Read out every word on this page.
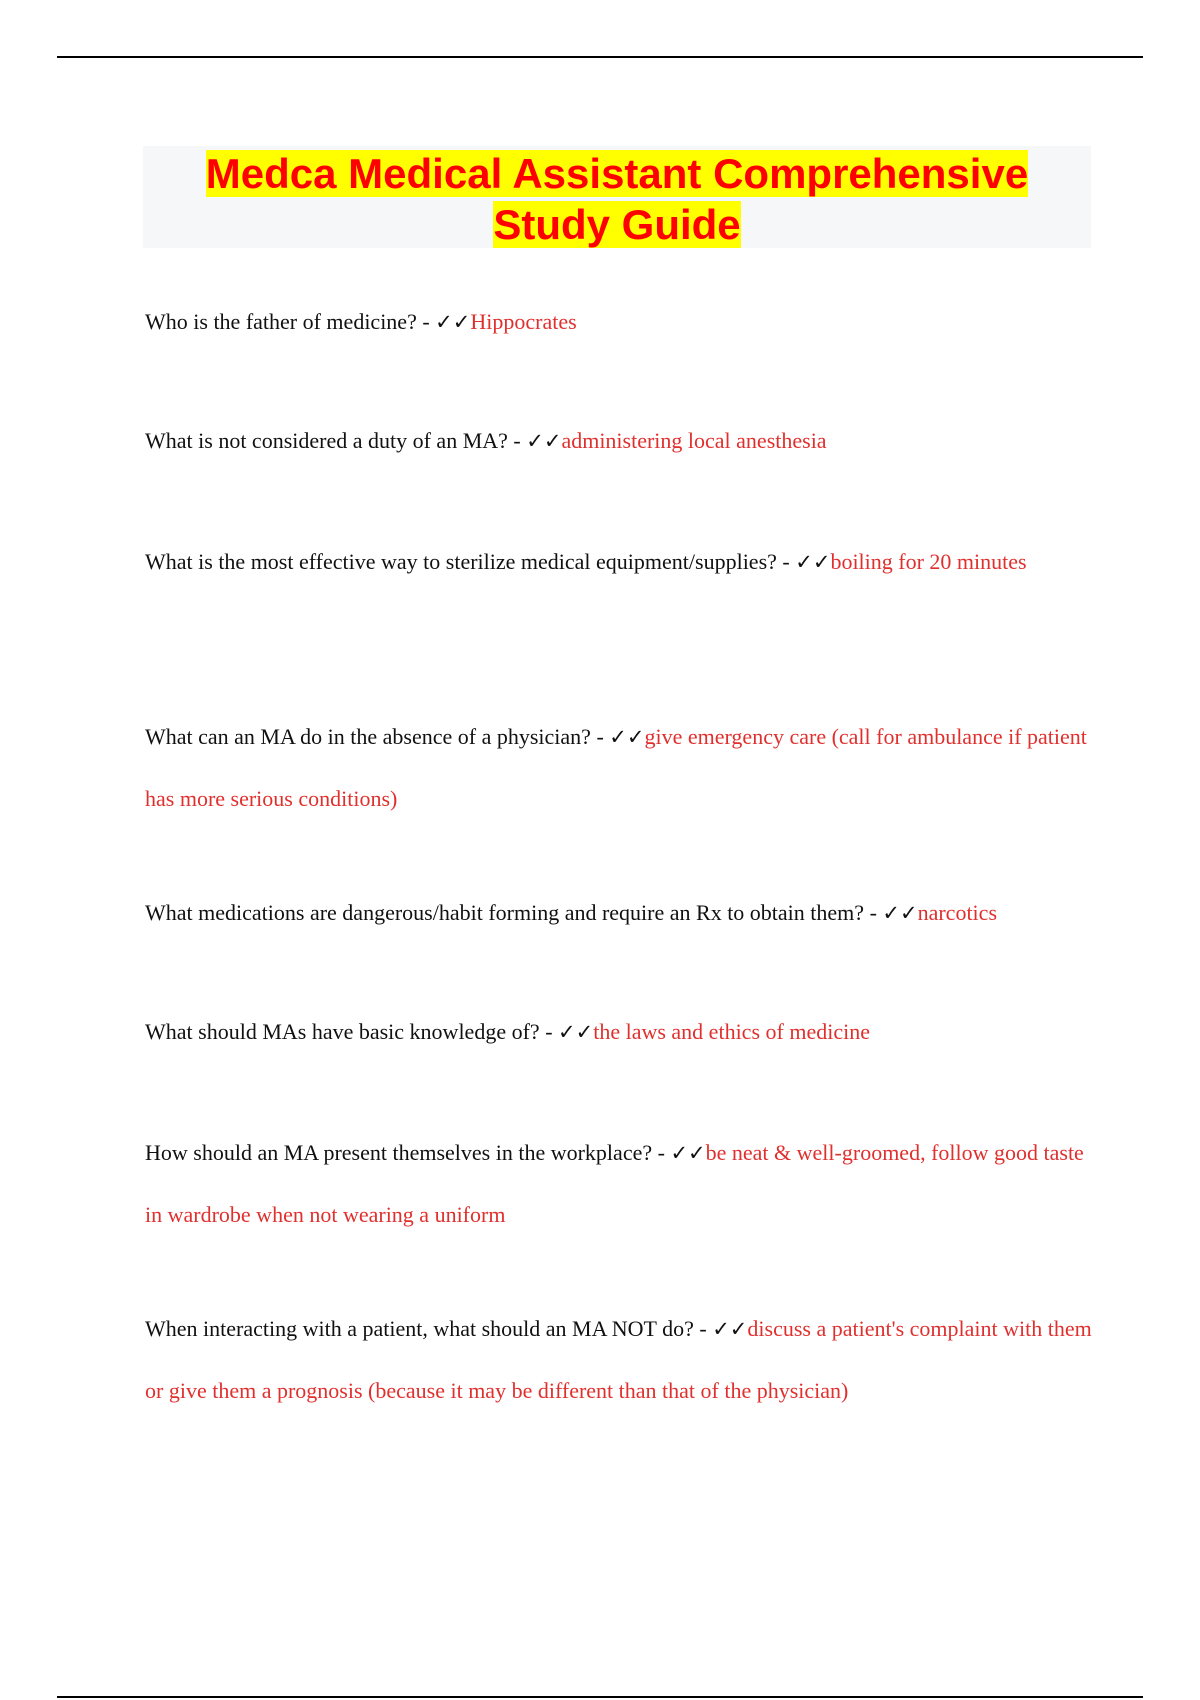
Medca Medical Assistant Comprehensive
Study Guide

Who is the father of medicine? - ✓✓Hippocrates

What is not considered a duty of an MA? - ✓✓administering local anesthesia

What is the most effective way to sterilize medical equipment/supplies? - ✓✓boiling for 20 minutes

What can an MA do in the absence of a physician? - ✓✓give emergency care (call for ambulance if patient has more serious conditions)

What medications are dangerous/habit forming and require an Rx to obtain them? - ✓✓narcotics

What should MAs have basic knowledge of? - ✓✓the laws and ethics of medicine

How should an MA present themselves in the workplace? - ✓✓be neat & well-groomed, follow good taste in wardrobe when not wearing a uniform

When interacting with a patient, what should an MA NOT do? - ✓✓discuss a patient's complaint with them or give them a prognosis (because it may be different than that of the physician)
